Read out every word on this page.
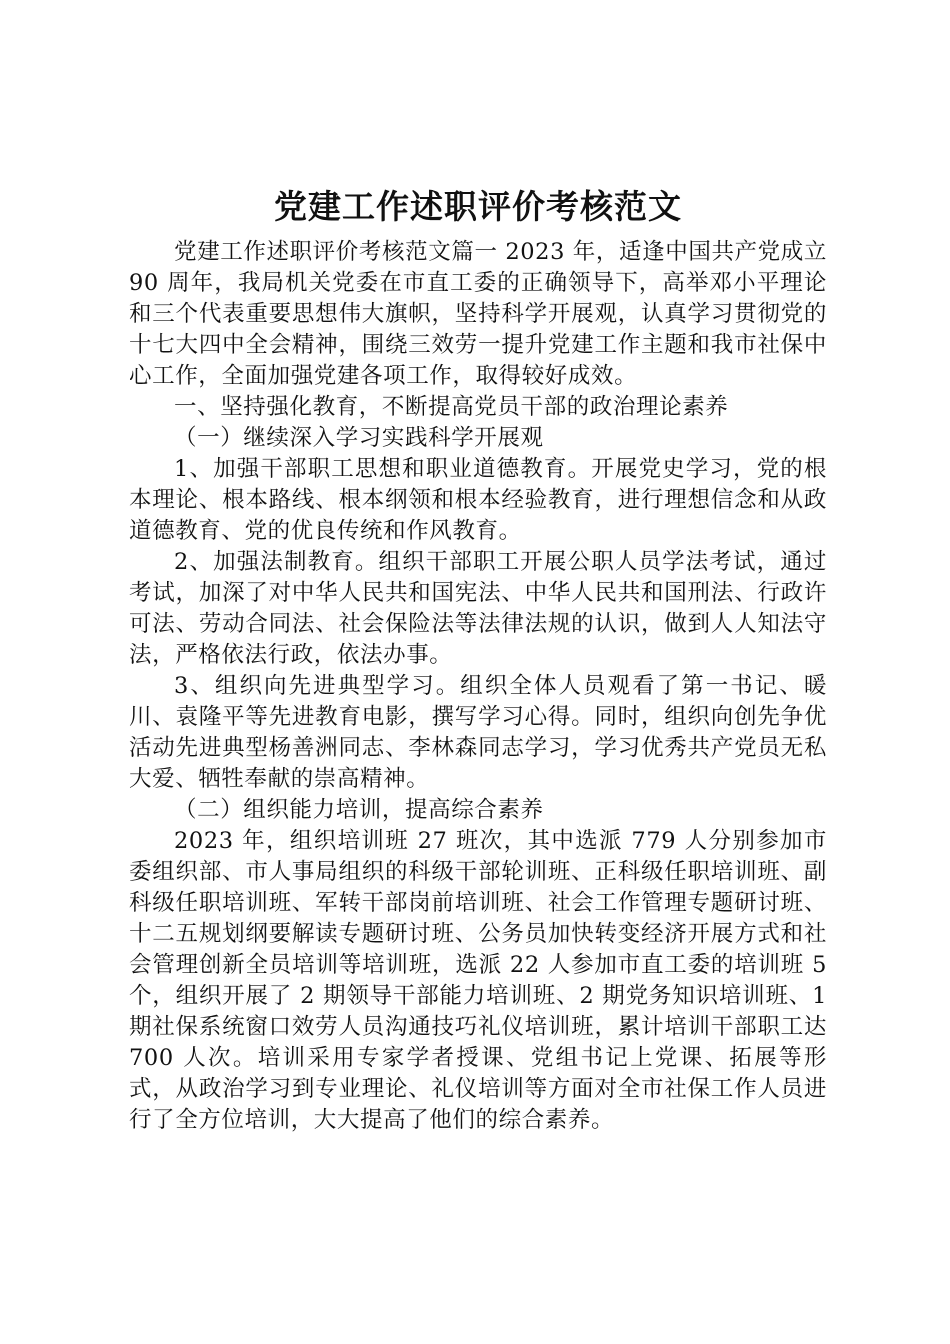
党建工作述职评价考核范文

党建工作述职评价考核范文篇一 2023 年，适逢中国共产党成立 90 周年，我局机关党委在市直工委的正确领导下，高举邓小平理论和三个代表重要思想伟大旗帜，坚持科学开展观，认真学习贯彻党的十七大四中全会精神，围绕三效劳一提升党建工作主题和我市社保中心工作，全面加强党建各项工作，取得较好成效。

一、坚持强化教育，不断提高党员干部的政治理论素养

（一）继续深入学习实践科学开展观

1、加强干部职工思想和职业道德教育。开展党史学习，党的根本理论、根本路线、根本纲领和根本经验教育，进行理想信念和从政道德教育、党的优良传统和作风教育。

2、加强法制教育。组织干部职工开展公职人员学法考试，通过考试，加深了对中华人民共和国宪法、中华人民共和国刑法、行政许可法、劳动合同法、社会保险法等法律法规的认识，做到人人知法守法，严格依法行政，依法办事。

3、组织向先进典型学习。组织全体人员观看了第一书记、暖川、袁隆平等先进教育电影，撰写学习心得。同时，组织向创先争优活动先进典型杨善洲同志、李林森同志学习，学习优秀共产党员无私大爱、牺牲奉献的崇高精神。

（二）组织能力培训，提高综合素养

2023 年，组织培训班 27 班次，其中选派 779 人分别参加市委组织部、市人事局组织的科级干部轮训班、正科级任职培训班、副科级任职培训班、军转干部岗前培训班、社会工作管理专题研讨班、十二五规划纲要解读专题研讨班、公务员加快转变经济开展方式和社会管理创新全员培训等培训班，选派 22 人参加市直工委的培训班 5 个，组织开展了 2 期领导干部能力培训班、2 期党务知识培训班、1 期社保系统窗口效劳人员沟通技巧礼仪培训班，累计培训干部职工达 700 人次。培训采用专家学者授课、党组书记上党课、拓展等形式，从政治学习到专业理论、礼仪培训等方面对全市社保工作人员进行了全方位培训，大大提高了他们的综合素养。
